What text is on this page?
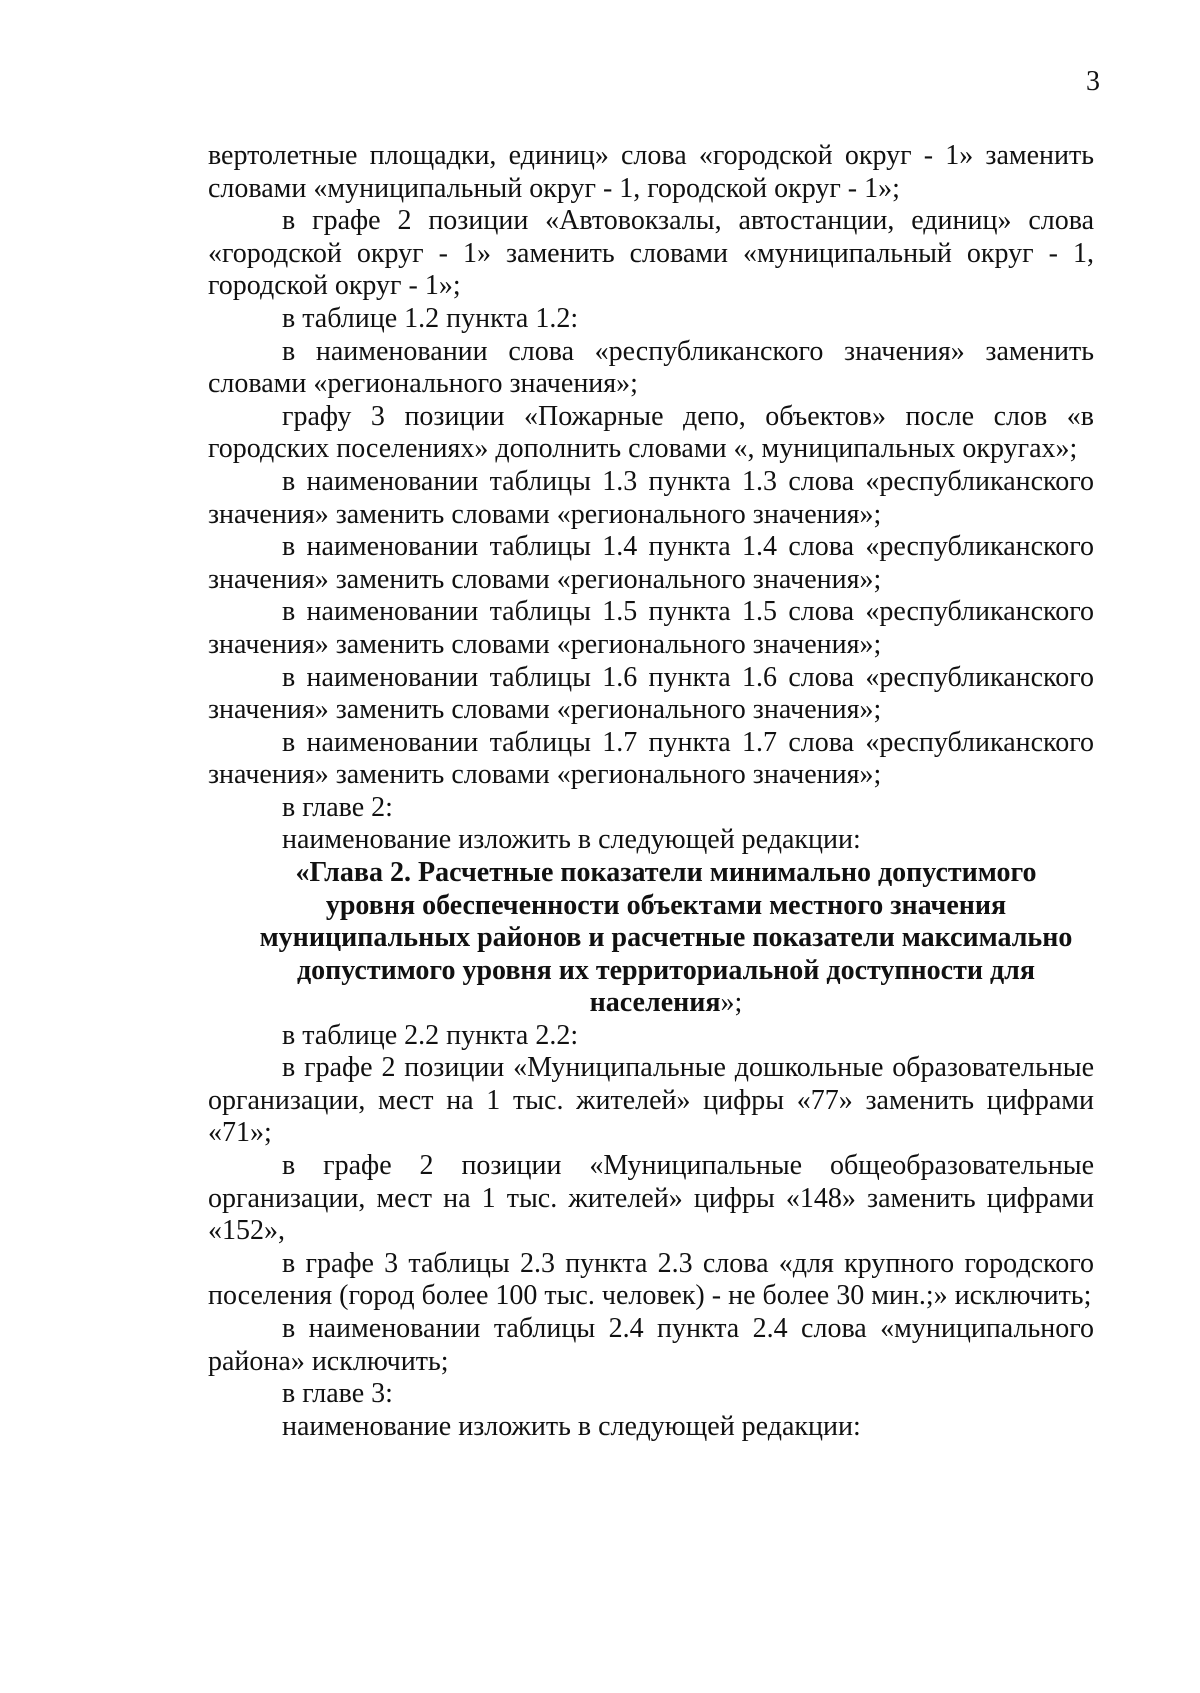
3

вертолетные площадки, единиц» слова «городской округ - 1» заменить словами «муниципальный округ - 1, городской округ - 1»;

в графе 2 позиции «Автовокзалы, автостанции, единиц» слова «городской округ - 1» заменить словами «муниципальный округ - 1, городской округ - 1»;

в таблице 1.2 пункта 1.2:

в наименовании слова «республиканского значения» заменить словами «регионального значения»;

графу 3 позиции «Пожарные депо, объектов» после слов «в городских поселениях» дополнить словами «, муниципальных округах»;

в наименовании таблицы 1.3 пункта 1.3 слова «республиканского значения» заменить словами «регионального значения»;

в наименовании таблицы 1.4 пункта 1.4 слова «республиканского значения» заменить словами «регионального значения»;

в наименовании таблицы 1.5 пункта 1.5 слова «республиканского значения» заменить словами «регионального значения»;

в наименовании таблицы 1.6 пункта 1.6 слова «республиканского значения» заменить словами «регионального значения»;

в наименовании таблицы 1.7 пункта 1.7 слова «республиканского значения» заменить словами «регионального значения»;

в главе 2:

наименование изложить в следующей редакции:

«Глава 2. Расчетные показатели минимально допустимого уровня обеспеченности объектами местного значения муниципальных районов и расчетные показатели максимально допустимого уровня их территориальной доступности для населения»;

в таблице 2.2 пункта 2.2:

в графе 2 позиции «Муниципальные дошкольные образовательные организации, мест на 1 тыс. жителей» цифры «77» заменить цифрами «71»;

в графе 2 позиции «Муниципальные общеобразовательные организации, мест на 1 тыс. жителей» цифры «148» заменить цифрами «152»,

в графе 3 таблицы 2.3 пункта 2.3 слова «для крупного городского поселения (город более 100 тыс. человек) - не более 30 мин.;» исключить;

в наименовании таблицы 2.4 пункта 2.4 слова «муниципального района» исключить;

в главе 3:

наименование изложить в следующей редакции:
